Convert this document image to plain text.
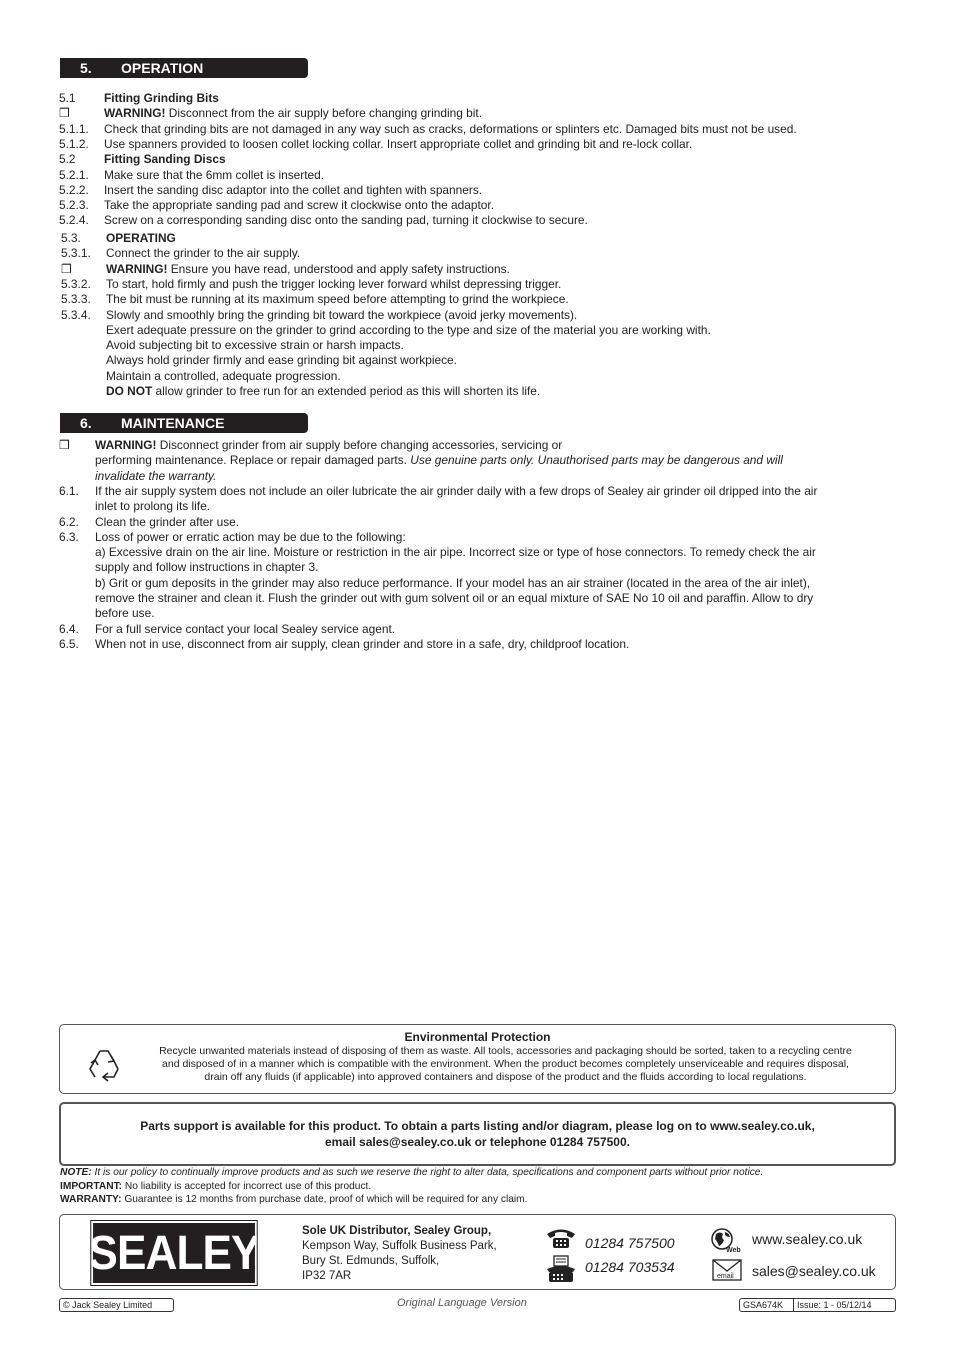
5. OPERATION
5.1 Fitting Grinding Bits
❒	WARNING! Disconnect from the air supply before changing grinding bit.
5.1.1. Check that grinding bits are not damaged in any way such as cracks, deformations or splinters etc. Damaged bits must not be used.
5.1.2. Use spanners provided to loosen collet locking collar. Insert appropriate collet and grinding bit and re-lock collar.
5.2 Fitting Sanding Discs
5.2.1. Make sure that the 6mm collet is inserted.
5.2.2. Insert the sanding disc adaptor into the collet and tighten with spanners.
5.2.3. Take the appropriate sanding pad and screw it clockwise onto the adaptor.
5.2.4. Screw on a corresponding sanding disc onto the sanding pad, turning it clockwise to secure.
5.3. OPERATING
5.3.1. Connect the grinder to the air supply.
❒	WARNING! Ensure you have read, understood and apply safety instructions.
5.3.2. To start, hold firmly and push the trigger locking lever forward whilst depressing trigger.
5.3.3. The bit must be running at its maximum speed before attempting to grind the workpiece.
5.3.4. Slowly and smoothly bring the grinding bit toward the workpiece (avoid jerky movements).
Exert adequate pressure on the grinder to grind according to the type and size of the material you are working with.
Avoid subjecting bit to excessive strain or harsh impacts.
Always hold grinder firmly and ease grinding bit against workpiece.
Maintain a controlled, adequate progression.
DO NOT allow grinder to free run for an extended period as this will shorten its life.
6. MAINTENANCE
❒ WARNING! Disconnect grinder from air supply before changing accessories, servicing or
performing maintenance. Replace or repair damaged parts. Use genuine parts only. Unauthorised parts may be dangerous and will
invalidate the warranty.
6.1. If the air supply system does not include an oiler lubricate the air grinder daily with a few drops of Sealey air grinder oil dripped into the air
inlet to prolong its life.
6.2. Clean the grinder after use.
6.3. Loss of power or erratic action may be due to the following:
a) Excessive drain on the air line. Moisture or restriction in the air pipe. Incorrect size or type of hose connectors. To remedy check the air
supply and follow instructions in chapter 3.
b) Grit or gum deposits in the grinder may also reduce performance. If your model has an air strainer (located in the area of the air inlet),
remove the strainer and clean it. Flush the grinder out with gum solvent oil or an equal mixture of SAE No 10 oil and paraffin. Allow to dry
before use.
6.4. For a full service contact your local Sealey service agent.
6.5. When not in use, disconnect from air supply, clean grinder and store in a safe, dry, childproof location.
Environmental Protection
Recycle unwanted materials instead of disposing of them as waste. All tools, accessories and packaging should be sorted, taken to a recycling centre
and disposed of in a manner which is compatible with the environment. When the product becomes completely unserviceable and requires disposal,
drain off any fluids (if applicable) into approved containers and dispose of the product and the fluids according to local regulations.
Parts support is available for this product. To obtain a parts listing and/or diagram, please log on to www.sealey.co.uk,
email sales@sealey.co.uk or telephone 01284 757500.
NOTE: It is our policy to continually improve products and as such we reserve the right to alter data, specifications and component parts without prior notice.
IMPORTANT: No liability is accepted for incorrect use of this product.
WARRANTY: Guarantee is 12 months from purchase date, proof of which will be required for any claim.
SEALEY	Sole UK Distributor, Sealey Group,
Kempson Way, Suffolk Business Park,
Bury St. Edmunds, Suffolk,
IP32 7AR
01284 757500
01284 703534
Web
www.sealey.co.uk
email sales@sealey.co.uk
© Jack Sealey Limited	Original Language Version	GSA674K Issue: 1 - 05/12/14
